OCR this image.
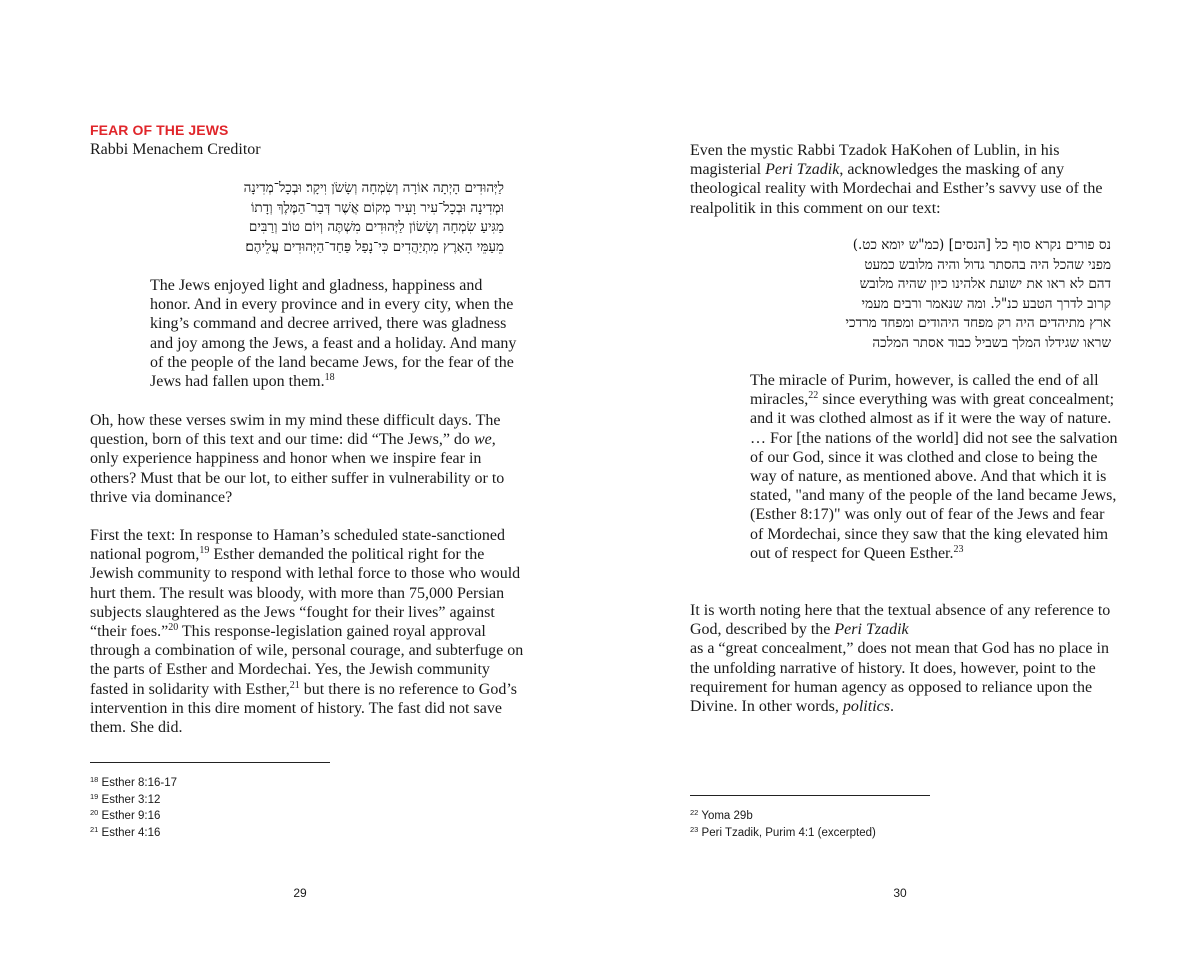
FEAR OF THE JEWS
Rabbi Menachem Creditor
לַיְּהוּדִים הָיְתָה אוֹרָה וְשִׂמְחָה וְשָׂשֹׂן וִיקָר׃ וּבְכָל־מְדִינָה
וּמְדִינָה וּבְכָל־עִיר וָעִיר מְקוֹם אֲשֶׁר דְּבַר־הַמֶּלֶךְ וְדָתוֹ
מַגִּיעַ שִׂמְחָה וְשָׂשׂוֹן לַיְּהוּדִים מִשְׁתֶּה וְיוֹם טוֹב וְרַבִּים
מֵעַמֵּי הָאָרֶץ מִתְיַהֲדִים כִּי־נָפַל פַּחַד־הַיְּהוּדִים עֲלֵיהֶם׃
The Jews enjoyed light and gladness, happiness and honor. And in every province and in every city, when the king’s command and decree arrived, there was gladness and joy among the Jews, a feast and a holiday. And many of the people of the land became Jews, for the fear of the Jews had fallen upon them.$^{18}$
Oh, how these verses swim in my mind these difficult days. The question, born of this text and our time: did “The Jews,” do we, only experience happiness and honor when we inspire fear in others? Must that be our lot, to either suffer in vulnerability or to thrive via dominance?
First the text: In response to Haman’s scheduled state-sanctioned national pogrom,$^{19}$ Esther demanded the political right for the Jewish community to respond with lethal force to those who would hurt them. The result was bloody, with more than 75,000 Persian subjects slaughtered as the Jews “fought for their lives” against “their foes.”$^{20}$ This response-legislation gained royal approval through a combination of wile, personal courage, and subterfuge on the parts of Esther and Mordechai. Yes, the Jewish community fasted in solidarity with Esther,$^{21}$ but there is no reference to God’s intervention in this dire moment of history. The fast did not save them. She did.
$^{18}$ Esther 8:16-17
$^{19}$ Esther 3:12
$^{20}$ Esther 9:16
$^{21}$ Esther 4:16
29
Even the mystic Rabbi Tzadok HaKohen of Lublin, in his magisterial Peri Tzadik, acknowledges the masking of any theological reality with Mordechai and Esther’s savvy use of the realpolitik in this comment on our text:
נס פורים נקרא סוף כל [הנסים] (כמ"ש יומא כט.)
מפני שהכל היה בהסתר גדול והיה מלובש כמעט
דהם לא ראו את ישועת אלהינו כיון שהיה מלובש
קרוב לדרך הטבע כנ"ל. ומה שנאמר ורבים מעמי
ארץ מתיהדים היה רק מפחד היהודים ומפחד מרדכי
שראו שגידלו המלך בשביל כבוד אסתר המלכה
The miracle of Purim, however, is called the end of all miracles,$^{22}$ since everything was with great concealment; and it was clothed almost as if it were the way of nature. … For [the nations of the world] did not see the salvation of our God, since it was clothed and close to being the way of nature, as mentioned above. And that which it is stated, "and many of the people of the land became Jews, (Esther 8:17)" was only out of fear of the Jews and fear of Mordechai, since they saw that the king elevated him out of respect for Queen Esther.$^{23}$
It is worth noting here that the textual absence of any reference to God, described by the Peri Tzadik
as a “great concealment,” does not mean that God has no place in the unfolding narrative of history. It does, however, point to the requirement for human agency as opposed to reliance upon the Divine. In other words, politics.
$^{22}$ Yoma 29b
$^{23}$ Peri Tzadik, Purim 4:1 (excerpted)
30
